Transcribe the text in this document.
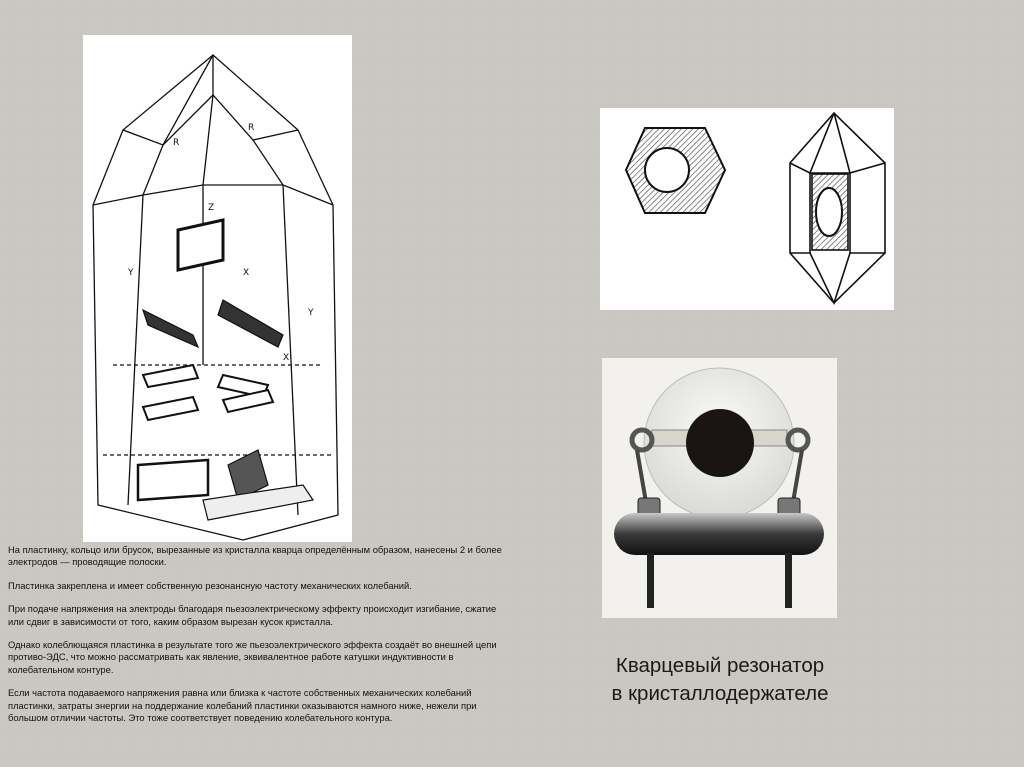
R
R
Y	X
X
Y
Z

На пластинку, кольцо или брусок, вырезанные из кристалла кварца определённым образом, нанесены 2 и более электродов — проводящие полоски.

Пластинка закреплена и имеет собственную резонансную частоту механических колебаний.

При подаче напряжения на электроды благодаря пьезоэлектрическому эффекту происходит изгибание, сжатие или сдвиг в зависимости от того, каким образом вырезан кусок кристалла.

Однако колеблющаяся пластинка в результате того же пьезоэлектрического эффекта создаёт во внешней цепи противо-ЭДС, что можно рассматривать как явление, эквивалентное работе катушки индуктивности в колебательном контуре.

Если частота подаваемого напряжения равна или близка к частоте собственных механических колебаний пластинки, затраты энергии на поддержание колебаний пластинки оказываются намного ниже, нежели при большом отличии частоты. Это тоже соответствует поведению колебательного контура.

Кварцевый резонатор
в кристаллодержателе
